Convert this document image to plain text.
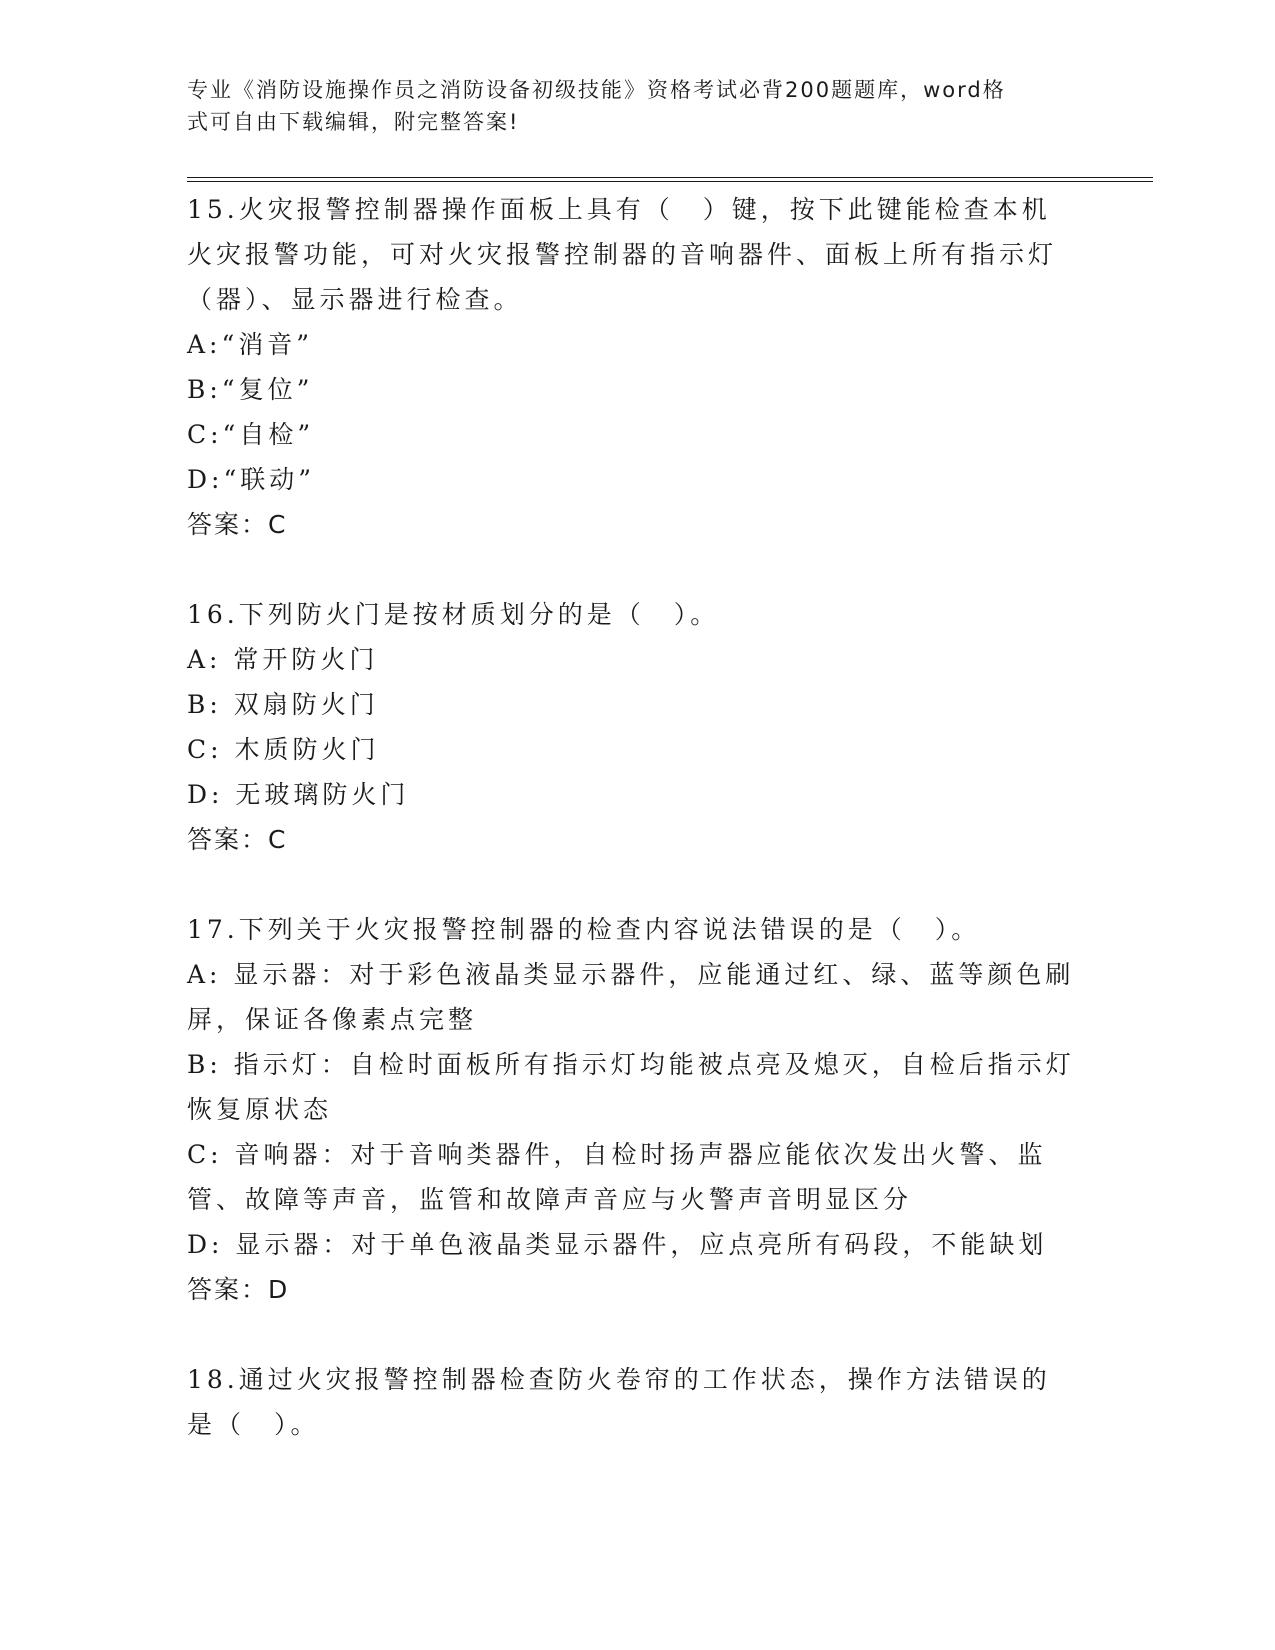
专业《消防设施操作员之消防设备初级技能》资格考试必背200题题库，word格
式可自由下载编辑，附完整答案!

15.火灾报警控制器操作面板上具有（　）键，按下此键能检查本机火灾报警功能，可对火灾报警控制器的音响器件、面板上所有指示灯（器）、显示器进行检查。

A:“消音”

B:“复位”

C:“自检”

D:“联动”

答案：C

16.下列防火门是按材质划分的是（　）。

A: 常开防火门

B: 双扇防火门

C: 木质防火门

D: 无玻璃防火门

答案：C

17.下列关于火灾报警控制器的检查内容说法错误的是（　）。

A: 显示器：对于彩色液晶类显示器件，应能通过红、绿、蓝等颜色刷屏，保证各像素点完整

B: 指示灯：自检时面板所有指示灯均能被点亮及熄灭，自检后指示灯恢复原状态

C: 音响器：对于音响类器件，自检时扬声器应能依次发出火警、监管、故障等声音，监管和故障声音应与火警声音明显区分

D: 显示器：对于单色液晶类显示器件，应点亮所有码段，不能缺划

答案：D

18.通过火灾报警控制器检查防火卷帘的工作状态，操作方法错误的是（　）。
